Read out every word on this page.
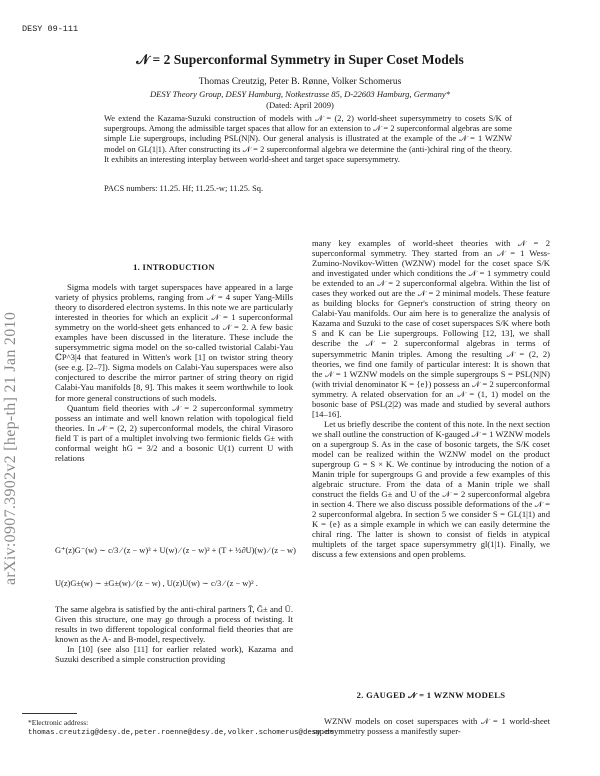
DESY 09-111
𝒩 = 2 Superconformal Symmetry in Super Coset Models
Thomas Creutzig, Peter B. Rønne, Volker Schomerus
DESY Theory Group, DESY Hamburg, Notkestrasse 85, D-22603 Hamburg, Germany*
(Dated: April 2009)
We extend the Kazama-Suzuki construction of models with 𝒩 = (2, 2) world-sheet supersymmetry to cosets S/K of supergroups. Among the admissible target spaces that allow for an extension to 𝒩 = 2 superconformal algebras are some simple Lie supergroups, including PSL(N|N). Our general analysis is illustrated at the example of the 𝒩 = 1 WZNW model on GL(1|1). After constructing its 𝒩 = 2 superconformal algebra we determine the (anti-)chiral ring of the theory. It exhibits an interesting interplay between world-sheet and target space supersymmetry.
PACS numbers: 11.25. Hf; 11.25.-w; 11.25. Sq.
arXiv:0907.3902v2 [hep-th] 21 Jan 2010
1. INTRODUCTION

Sigma models with target superspaces have appeared in a large variety of physics problems, ranging from 𝒩 = 4 super Yang-Mills theory to disordered electron systems. In this note we are particularly interested in theories for which an explicit 𝒩 = 1 superconformal symmetry on the world-sheet gets enhanced to 𝒩 = 2. A few basic examples have been discussed in the literature. These include the supersymmetric sigma model on the so-called twistorial Calabi-Yau ℂP^3|4 that featured in Witten's work [1] on twistor string theory (see e.g. [2–7]). Sigma models on Calabi-Yau superspaces were also conjectured to describe the mirror partner of string theory on rigid Calabi-Yau manifolds [8, 9]. This makes it seem worthwhile to look for more general constructions of such models.

Quantum field theories with 𝒩 = 2 superconformal symmetry possess an intimate and well known relation with topological field theories. In 𝒩 = (2, 2) superconformal models, the chiral Virasoro field T is part of a multiplet involving two fermionic fields G± with conformal weight hG = 3/2 and a bosonic U(1) current U with relations

G⁺(z)G⁻(w) ∼ c/3 ⁄ (z − w)³ + U(w) ⁄ (z − w)² + (T + ½∂U)(w) ⁄ (z − w)
U(z)G±(w) ∼ ±G±(w) ⁄ (z − w) , U(z)U(w) ∼ c/3 ⁄ (z − w)² .

The same algebra is satisfied by the anti-chiral partners T̄, Ḡ± and Ū. Given this structure, one may go through a process of twisting. It results in two different topological conformal field theories that are known as the A- and B-model, respectively.

In [10] (see also [11] for earlier related work), Kazama and Suzuki described a simple construction providing

*Electronic address: thomas.creutzig@desy.de,peter.roenne@desy.de,volker.schomerus@desy.de

many key examples of world-sheet theories with 𝒩 = 2 superconformal symmetry. They started from an 𝒩 = 1 Wess-Zumino-Novikov-Witten (WZNW) model for the coset space S/K and investigated under which conditions the 𝒩 = 1 symmetry could be extended to an 𝒩 = 2 superconformal algebra. Within the list of cases they worked out are the 𝒩 = 2 minimal models. These feature as building blocks for Gepner's construction of string theory on Calabi-Yau manifolds. Our aim here is to generalize the analysis of Kazama and Suzuki to the case of coset superspaces S/K where both S and K can be Lie supergroups. Following [12, 13], we shall describe the 𝒩 = 2 superconformal algebras in terms of supersymmetric Manin triples. Among the resulting 𝒩 = (2, 2) theories, we find one family of particular interest: It is shown that the 𝒩 = 1 WZNW models on the simple supergroups S = PSL(N|N) (with trivial denominator K = {e}) possess an 𝒩 = 2 superconformal symmetry. A related observation for an 𝒩 = (1, 1) model on the bosonic base of PSL(2|2) was made and studied by several authors [14–16].

Let us briefly describe the content of this note. In the next section we shall outline the construction of K-gauged 𝒩 = 1 WZNW models on a supergroup S. As in the case of bosonic targets, the S/K coset model can be realized within the WZNW model on the product supergroup G = S × K. We continue by introducing the notion of a Manin triple for supergroups G and provide a few examples of this algebraic structure. From the data of a Manin triple we shall construct the fields G± and U of the 𝒩 = 2 superconformal algebra in section 4. There we also discuss possible deformations of the 𝒩 = 2 superconformal algebra. In section 5 we consider S = GL(1|1) and K = {e} as a simple example in which we can easily determine the chiral ring. The latter is shown to consist of fields in atypical multiplets of the target space supersymmetry gl(1|1). Finally, we discuss a few extensions and open problems.

2. GAUGED 𝒩 = 1 WZNW MODELS

WZNW models on coset superspaces with 𝒩 = 1 world-sheet supersymmetry possess a manifestly super-
